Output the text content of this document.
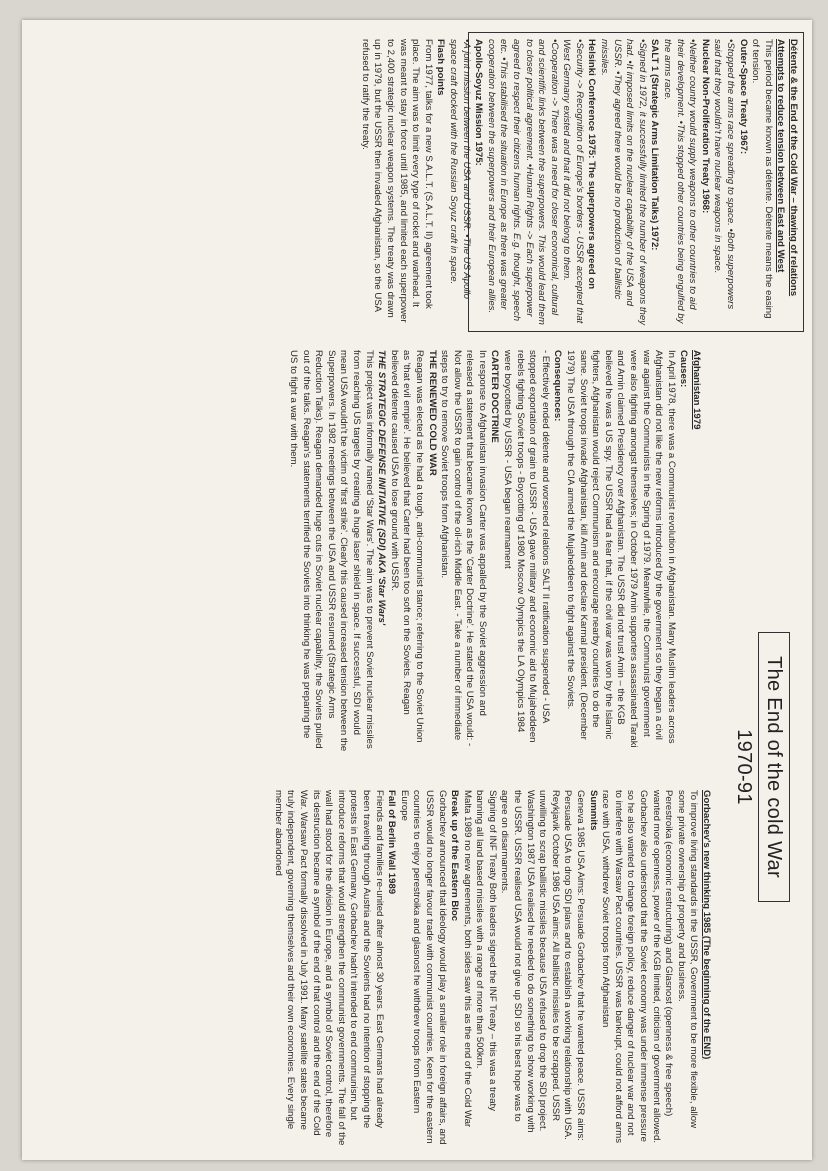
Détente & the End of the Cold War – thawing of relations

Attempts to reduce tension between East and West

This period became known as détente. Détente means the easing of tension.

Outer-Space Treaty 1967:

•Stopped the arms race spreading to space. •Both superpowers said that they wouldn't have nuclear weapons in space.

Nuclear Non-Proliferation Treaty 1968:

•Neither country would supply weapons to other countries to aid their development. •This stopped other countries being engulfed by the arms race.

SALT 1 (Strategic Arms Limitation Talks) 1972:

•Signed in 1972, it successfully limited the number of weapons they had. •It imposed limits on the nuclear capability of the USA and USSR. •They agreed there would be no production of ballistic missiles.

Helsinki Conference 1975: The superpowers agreed on

•Security -> Recognition of Europe's borders - USSR accepted that West Germany existed and that it did not belong to them. •Cooperation -> There was a need for closer economical, cultural and scientific links between the superpowers. This would lead them to closer political agreement. •Human Rights -> Each superpower agreed to respect their citizens human rights. E.g. thought, speech etc. •This stabilised the situation in Europe as there was greater cooperation between the superpowers and their European allies.

Apollo-Soyuz Mission 1975:

•A joint mission between the USA and USSR. •The US Apollo space craft docked with the Russian Soyuz craft in space.

Flash points

From 1977, talks for a new S.A.L.T. (S.A.L.T. II) agreement took place. The aim was to limit every type of rocket and warhead. It was meant to stay in force until 1985, and limited each superpower to 2,400 strategic nuclear weapon systems. The treaty was drawn up in 1979, but the USSR then invaded Afghanistan, so the USA refused to ratify the treaty.

The End of the cold War 1970-91

Afghanistan 1979

Causes:

In April 1978, there was a Communist revolution in Afghanistan. Many Muslim leaders across Afghanistan did not like the new reforms introduced by the government so they began a civil war against the Communists in the Spring of 1979. Meanwhile, the Communist government were also fighting amongst themselves; in October 1979 Amin supporters assassinated Taraki and Amin claimed Presidency over Afghanistan. The USSR did not trust Amin – the KGB believed he was a US spy. The USSR had a fear that, if the civil war was won by the Islamic fighters, Afghanistan would reject Communism and encourage nearby countries to do the same. Soviet troops invade Afghanistan, kill Amin and declare Karmal president. (December 1979) The USA through the CIA armed the Mujaheddeen to fight against the Soviets.

Consequences:

- Effectively ended détente and worsened relations SALT II ratification suspended - USA stopped exportation of grain to USSR - USA gave military and economic aid to Mujaheddeen rebels fighting Soviet troops - Boycotting of 1980 Moscow Olympics the LA Olympics 1984 were boycotted by USSR - USA began rearmament

CARTER DOCTRINE

In response to Afghanistan invasion Carter was appalled by the Soviet aggression and released a statement that became known as the 'Carter Doctrine'. He stated the USA would: - Not allow the USSR to gain control of the oil-rich Middle East. - Take a number of immediate steps to try to remove Soviet troops from Afghanistan.

THE RENEWED COLD WAR

Reagan was elected as he had a tough, anti-communist stance; referring to the Soviet Union as 'that evil empire'. He believed that Carter had been too soft on the Soviets. Reagan believed détente caused USA to lose ground with USSR.

THE STRATEGIC DEFENSE INITIATIVE (SDI) AKA 'Star Wars'

This project was informally named 'Star Wars'. The aim was to prevent Soviet nuclear missiles from reaching US targets by creating a huge laser shield in space. If successful, SDI would mean USA wouldn't be victim of 'first strike'. Clearly this caused increased tension between the Superpowers. In 1982 meetings between the USA and USSR resumed (Strategic Arms Reduction Talks). Reagan demanded huge cuts in Soviet nuclear capability, the Soviets pulled out of the talks. Reagan's statements terrified the Soviets into thinking he was preparing the US to fight a war with them.

Gorbachev's new thinking 1985 (The beginning of the END)

To improve living standards in the USSR, Government to be more flexible, allow some private ownership of property and business.

Perestroika (economic restructuring) and Glasnost (openness & free speech) wanted more openness, power of the KGB limited, criticism of government allowed.

Gorbachev also understood that the Soviet economy was under immense pressure so he also wanted to change foreign policy, reduce danger of nuclear war and not to interfere with Warsaw Pact countries. USSR was bankrupt, could not afford arms race with USA, withdrew Soviet troops from Afghanistan

Summits

Geneva 1985 USA Aims: Persuade Gorbachev that he wanted peace. USSR aims: Persuade USA to drop SDI plans and to establish a working relationship with USA.

Reykjavik October 1986 USA aims: All ballistic missiles to be scrapped. USSR unwilling to scrap ballistic missiles because USA refused to drop the SDI project.

Washington 1987 USA realised he needed to do something to show working with the USSR. USSR realised USA would not give up SDI so his best hope was to agree on disarmaments.

Signing of INF Treaty Both leaders signed the INF Treaty – this was a treaty banning all land based missiles with a range of more than 500km.

Malta 1989 no new agreements, both sides saw this as the end of the Cold War

Break up of the Eastern Bloc

Gorbachev announced that ideology would play a smaller role in foreign affairs, and USSR would no longer favour trade with communist countries. Keen for the eastern countries to enjoy perestroika and glasnost he withdrew troops from Eastern Europe

Fall of Berlin Wall 1989

Friends and families re-united after almost 30 years. East Germans had already been traveling through Austria and the Sovients had no intention of stopping the protests in East Germany. Gorbachev hadn't intended to end communism, but introduce reforms that would strengthen the communist governments. The fall of the wall had stood for the division in Europe, and a symbol of Soviet control, therefore its destruction became a symbol of the end of that control and the end of the Cold War. Warsaw Pact formally dissolved in July 1991. Many satellite states became truly independent, governing themselves and their own economies. Every single member abandoned
